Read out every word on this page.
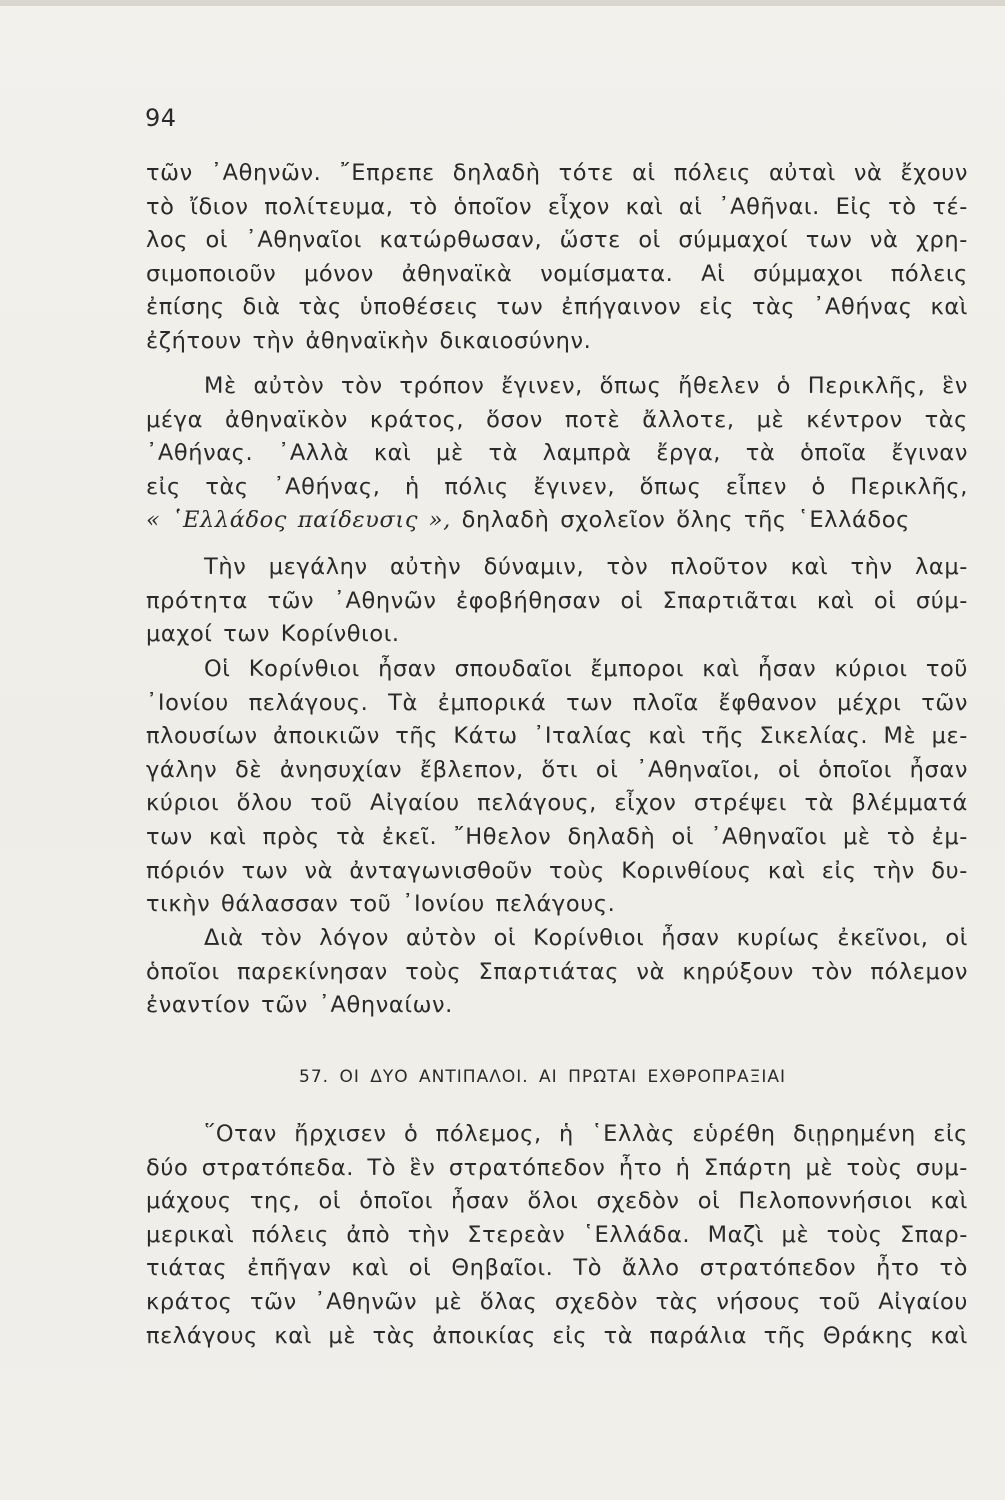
94
τῶν ᾿Αθηνῶν. ῎Επρεπε δηλαδὴ τότε αἱ πόλεις αὐταὶ νὰ ἔχουν
τὸ ἴδιον πολίτευμα, τὸ ὁποῖον εἶχον καὶ αἱ ᾿Αθῆναι. Εἰς τὸ τέ-
λος οἱ ᾿Αθηναῖοι κατώρθωσαν, ὥστε οἱ σύμμαχοί των νὰ χρη-
σιμοποιοῦν μόνον ἀθηναϊκὰ νομίσματα. Αἱ σύμμαχοι πόλεις
ἐπίσης διὰ τὰς ὑποθέσεις των ἐπήγαινον εἰς τὰς ᾿Αθήνας καὶ
ἐζήτουν τὴν ἀθηναϊκὴν δικαιοσύνην.
Μὲ αὐτὸν τὸν τρόπον ἔγινεν, ὅπως ἤθελεν ὁ Περικλῆς, ἓν
μέγα ἀθηναϊκὸν κράτος, ὅσον ποτὲ ἄλλοτε, μὲ κέντρον τὰς
᾿Αθήνας. ᾿Αλλὰ καὶ μὲ τὰ λαμπρὰ ἔργα, τὰ ὁποῖα ἔγιναν
εἰς τὰς ᾿Αθήνας, ἡ πόλις ἔγινεν, ὅπως εἶπεν ὁ Περικλῆς,
« ῾Ελλάδος παίδευσις », δηλαδὴ σχολεῖον ὅλης τῆς ῾Ελλάδος
Τὴν μεγάλην αὐτὴν δύναμιν, τὸν πλοῦτον καὶ τὴν λαμ-
πρότητα τῶν ᾿Αθηνῶν ἐφοβήθησαν οἱ Σπαρτιᾶται καὶ οἱ σύμ-
μαχοί των Κορίνθιοι.
Οἱ Κορίνθιοι ἦσαν σπουδαῖοι ἔμποροι καὶ ἦσαν κύριοι τοῦ
᾿Ιονίου πελάγους. Τὰ ἐμπορικά των πλοῖα ἔφθανον μέχρι τῶν
πλουσίων ἀποικιῶν τῆς Κάτω ᾿Ιταλίας καὶ τῆς Σικελίας. Μὲ με-
γάλην δὲ ἀνησυχίαν ἔβλεπον, ὅτι οἱ ᾿Αθηναῖοι, οἱ ὁποῖοι ἦσαν
κύριοι ὅλου τοῦ Αἰγαίου πελάγους, εἶχον στρέψει τὰ βλέμματά
των καὶ πρὸς τὰ ἐκεῖ. ῎Ηθελον δηλαδὴ οἱ ᾿Αθηναῖοι μὲ τὸ ἐμ-
πόριόν των νὰ ἀνταγωνισθοῦν τοὺς Κορινθίους καὶ εἰς τὴν δυ-
τικὴν θάλασσαν τοῦ ᾿Ιονίου πελάγους.
Διὰ τὸν λόγον αὐτὸν οἱ Κορίνθιοι ἦσαν κυρίως ἐκεῖνοι, οἱ
ὁποῖοι παρεκίνησαν τοὺς Σπαρτιάτας νὰ κηρύξουν τὸν πόλεμον
ἐναντίον τῶν ᾿Αθηναίων.
57. ΟΙ ΔΥΟ ΑΝΤΙΠΑΛΟΙ. ΑΙ ΠΡΩΤΑΙ ΕΧΘΡΟΠΡΑΞΙΑΙ
῞Οταν ἤρχισεν ὁ πόλεμος, ἡ ῾Ελλὰς εὑρέθη διῃρημένη εἰς
δύο στρατόπεδα. Τὸ ἓν στρατόπεδον ἦτο ἡ Σπάρτη μὲ τοὺς συμ-
μάχους της, οἱ ὁποῖοι ἦσαν ὅλοι σχεδὸν οἱ Πελοποννήσιοι καὶ
μερικαὶ πόλεις ἀπὸ τὴν Στερεὰν ῾Ελλάδα. Μαζὶ μὲ τοὺς Σπαρ-
τιάτας ἐπῆγαν καὶ οἱ Θηβαῖοι. Τὸ ἄλλο στρατόπεδον ἦτο τὸ
κράτος τῶν ᾿Αθηνῶν μὲ ὅλας σχεδὸν τὰς νήσους τοῦ Αἰγαίου
πελάγους καὶ μὲ τὰς ἀποικίας εἰς τὰ παράλια τῆς Θράκης καὶ
